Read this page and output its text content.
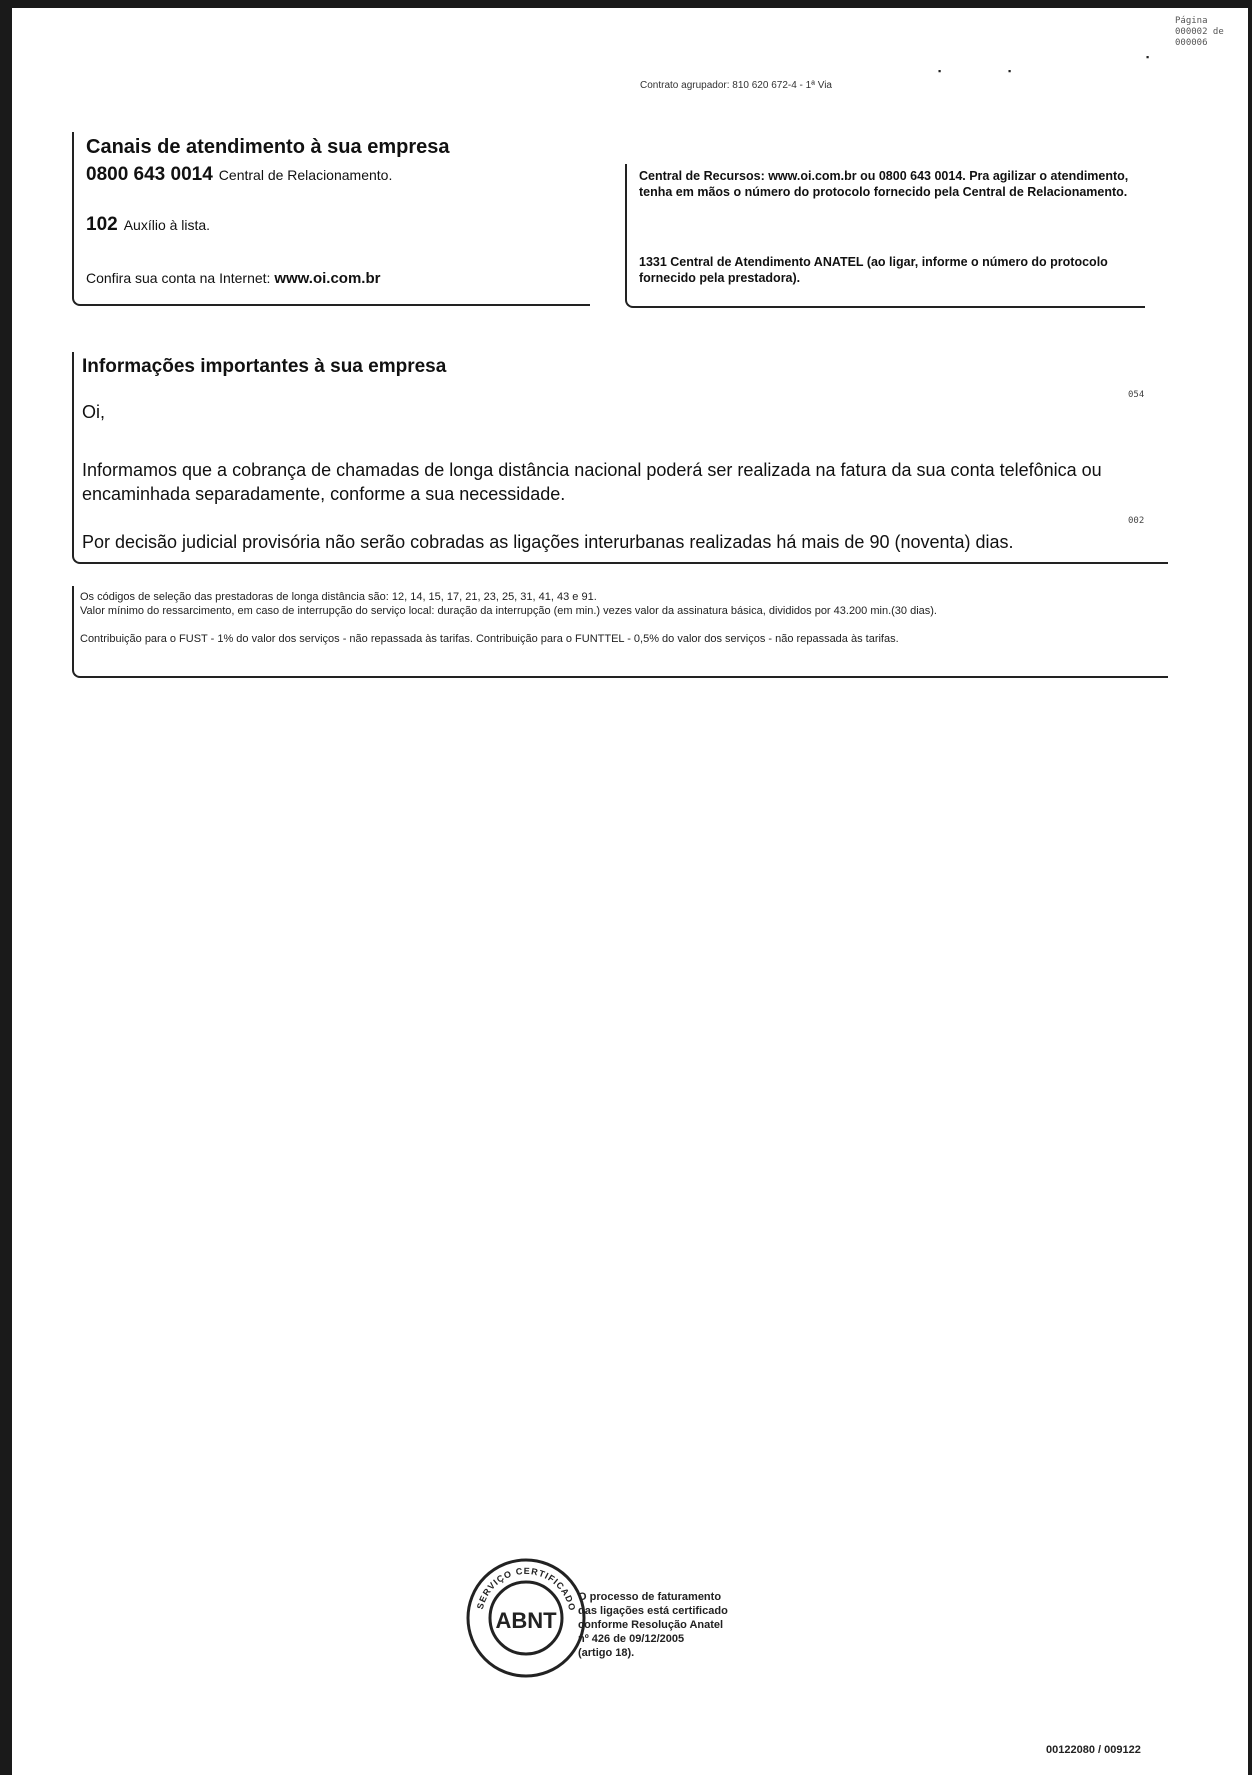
Página
000002 de
000006
▪	▪
▪
Contrato agrupador: 810 620 672-4 - 1ª Via
Canais de atendimento à sua empresa
0800 643 0014 Central de Relacionamento.
102 Auxílio à lista.
Confira sua conta na Internet: www.oi.com.br
Central de Recursos: www.oi.com.br ou 0800 643 0014. Pra agilizar o atendimento, tenha em mãos o número do protocolo fornecido pela Central de Relacionamento.
1331 Central de Atendimento ANATEL (ao ligar, informe o número do protocolo fornecido pela prestadora).
Informações importantes à sua empresa
Oi,
Informamos que a cobrança de chamadas de longa distância nacional poderá ser realizada na fatura da sua conta telefônica ou encaminhada separadamente, conforme a sua necessidade.
Por decisão judicial provisória não serão cobradas as ligações interurbanas realizadas há mais de 90 (noventa) dias.
054
002
Os códigos de seleção das prestadoras de longa distância são: 12, 14, 15, 17, 21, 23, 25, 31, 41, 43 e 91.
Valor mínimo do ressarcimento, em caso de interrupção do serviço local: duração da interrupção (em min.) vezes valor da assinatura básica, divididos por 43.200 min.(30 dias).
Contribuição para o FUST - 1% do valor dos serviços - não repassada às tarifas. Contribuição para o FUNTTEL - 0,5% do valor dos serviços - não repassada às tarifas.
SERVIÇO CERTIFICADO
ABNT
O processo de faturamento
das ligações está certificado
conforme Resolução Anatel
nº 426 de 09/12/2005
(artigo 18).
00122080 / 009122
